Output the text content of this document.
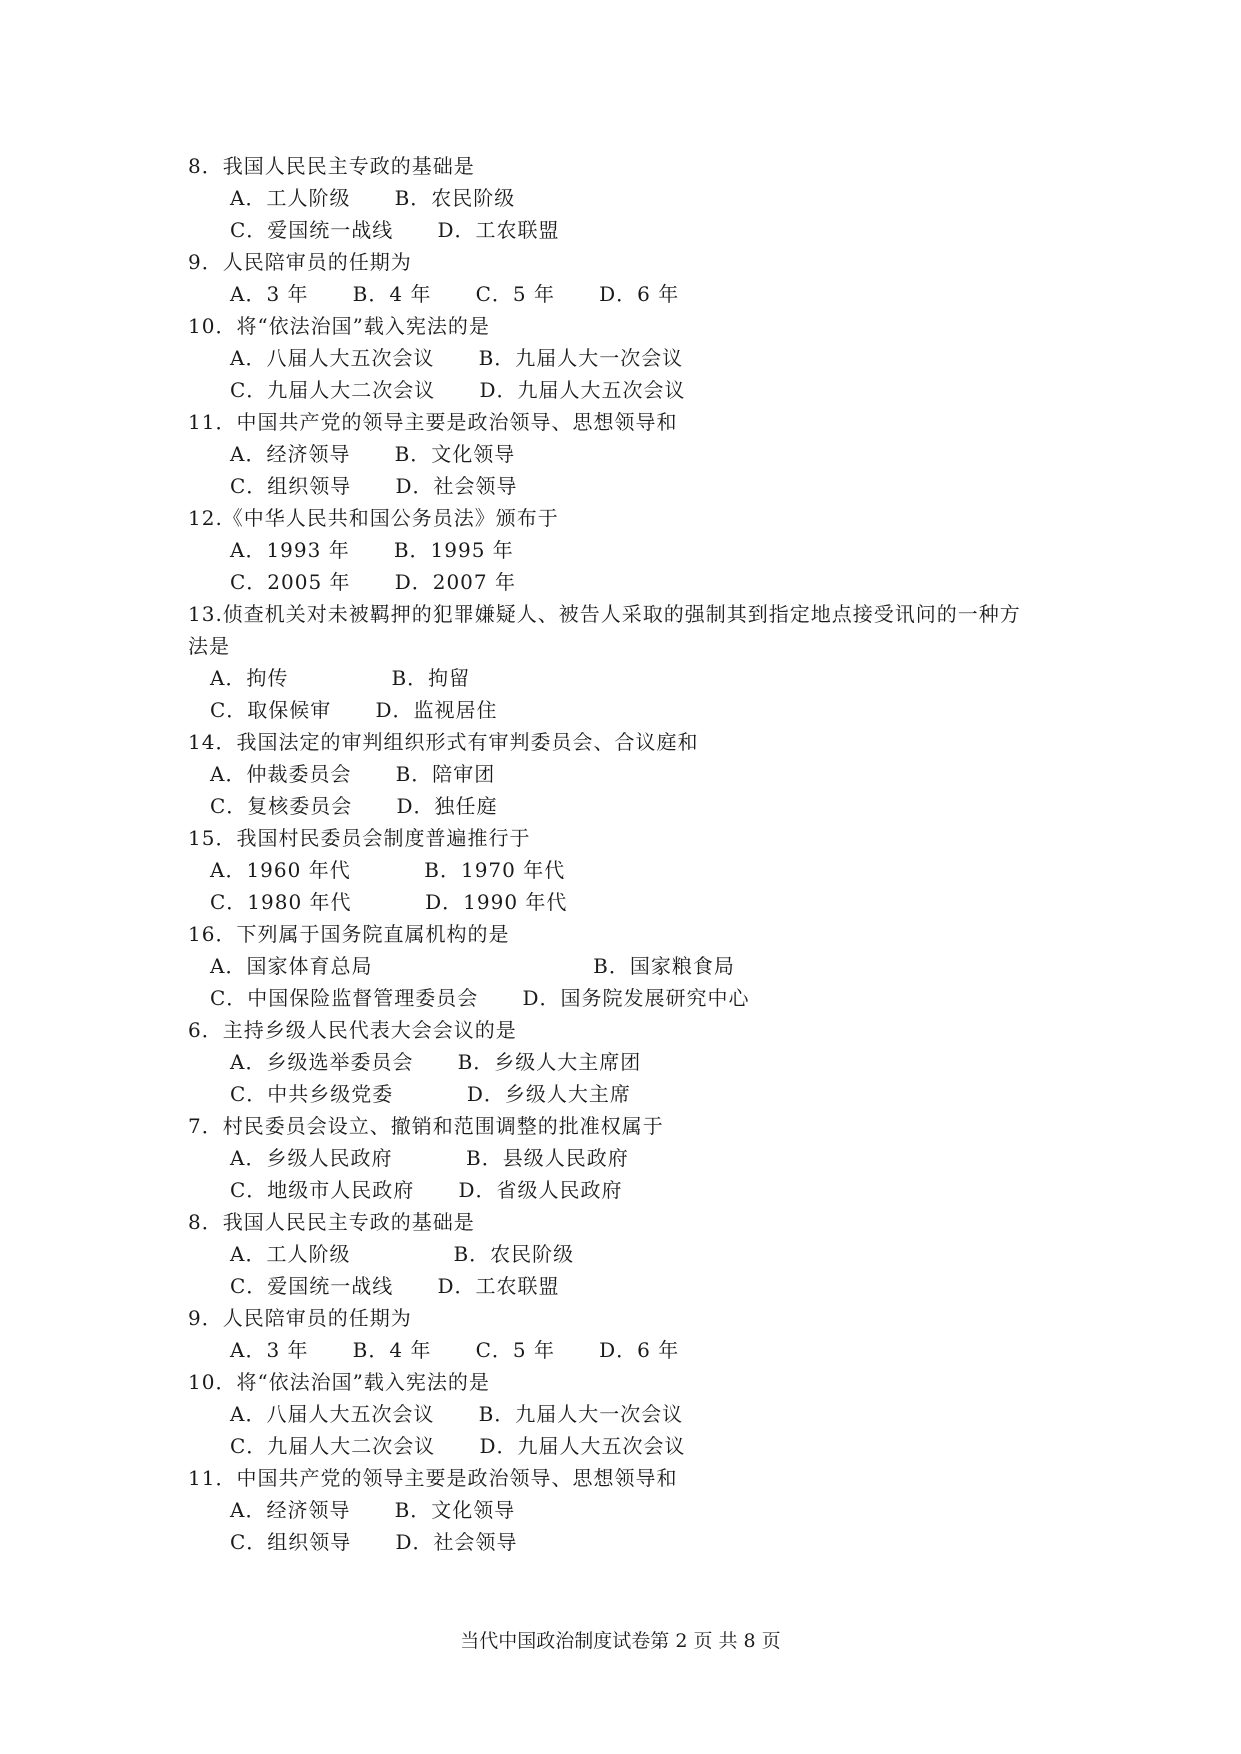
8．我国人民民主专政的基础是
A．工人阶级      B．农民阶级
C．爱国统一战线      D．工农联盟
9．人民陪审员的任期为
A．3 年      B．4 年      C．5 年      D．6 年
10．将“依法治国”载入宪法的是
A．八届人大五次会议      B．九届人大一次会议
C．九届人大二次会议      D．九届人大五次会议
11．中国共产党的领导主要是政治领导、思想领导和
A．经济领导      B．文化领导
C．组织领导      D．社会领导
12.《中华人民共和国公务员法》颁布于
A．1993 年      B．1995 年
C．2005 年      D．2007 年
13.侦查机关对未被羁押的犯罪嫌疑人、被告人采取的强制其到指定地点接受讯问的一种方
法是
A．拘传              B．拘留
C．取保候审      D．监视居住
14．我国法定的审判组织形式有审判委员会、合议庭和
A．仲裁委员会      B．陪审团
C．复核委员会      D．独任庭
15．我国村民委员会制度普遍推行于
A．1960 年代          B．1970 年代
C．1980 年代          D．1990 年代
16．下列属于国务院直属机构的是
A．国家体育总局                              B．国家粮食局
C．中国保险监督管理委员会      D．国务院发展研究中心
6．主持乡级人民代表大会会议的是
A．乡级选举委员会      B．乡级人大主席团
C．中共乡级党委          D．乡级人大主席
7．村民委员会设立、撤销和范围调整的批准权属于
A．乡级人民政府          B．县级人民政府
C．地级市人民政府      D．省级人民政府
8．我国人民民主专政的基础是
A．工人阶级              B．农民阶级
C．爱国统一战线      D．工农联盟
9．人民陪审员的任期为
A．3 年      B．4 年      C．5 年      D．6 年
10．将“依法治国”载入宪法的是
A．八届人大五次会议      B．九届人大一次会议
C．九届人大二次会议      D．九届人大五次会议
11．中国共产党的领导主要是政治领导、思想领导和
A．经济领导      B．文化领导
C．组织领导      D．社会领导
当代中国政治制度试卷第 2 页 共 8 页
